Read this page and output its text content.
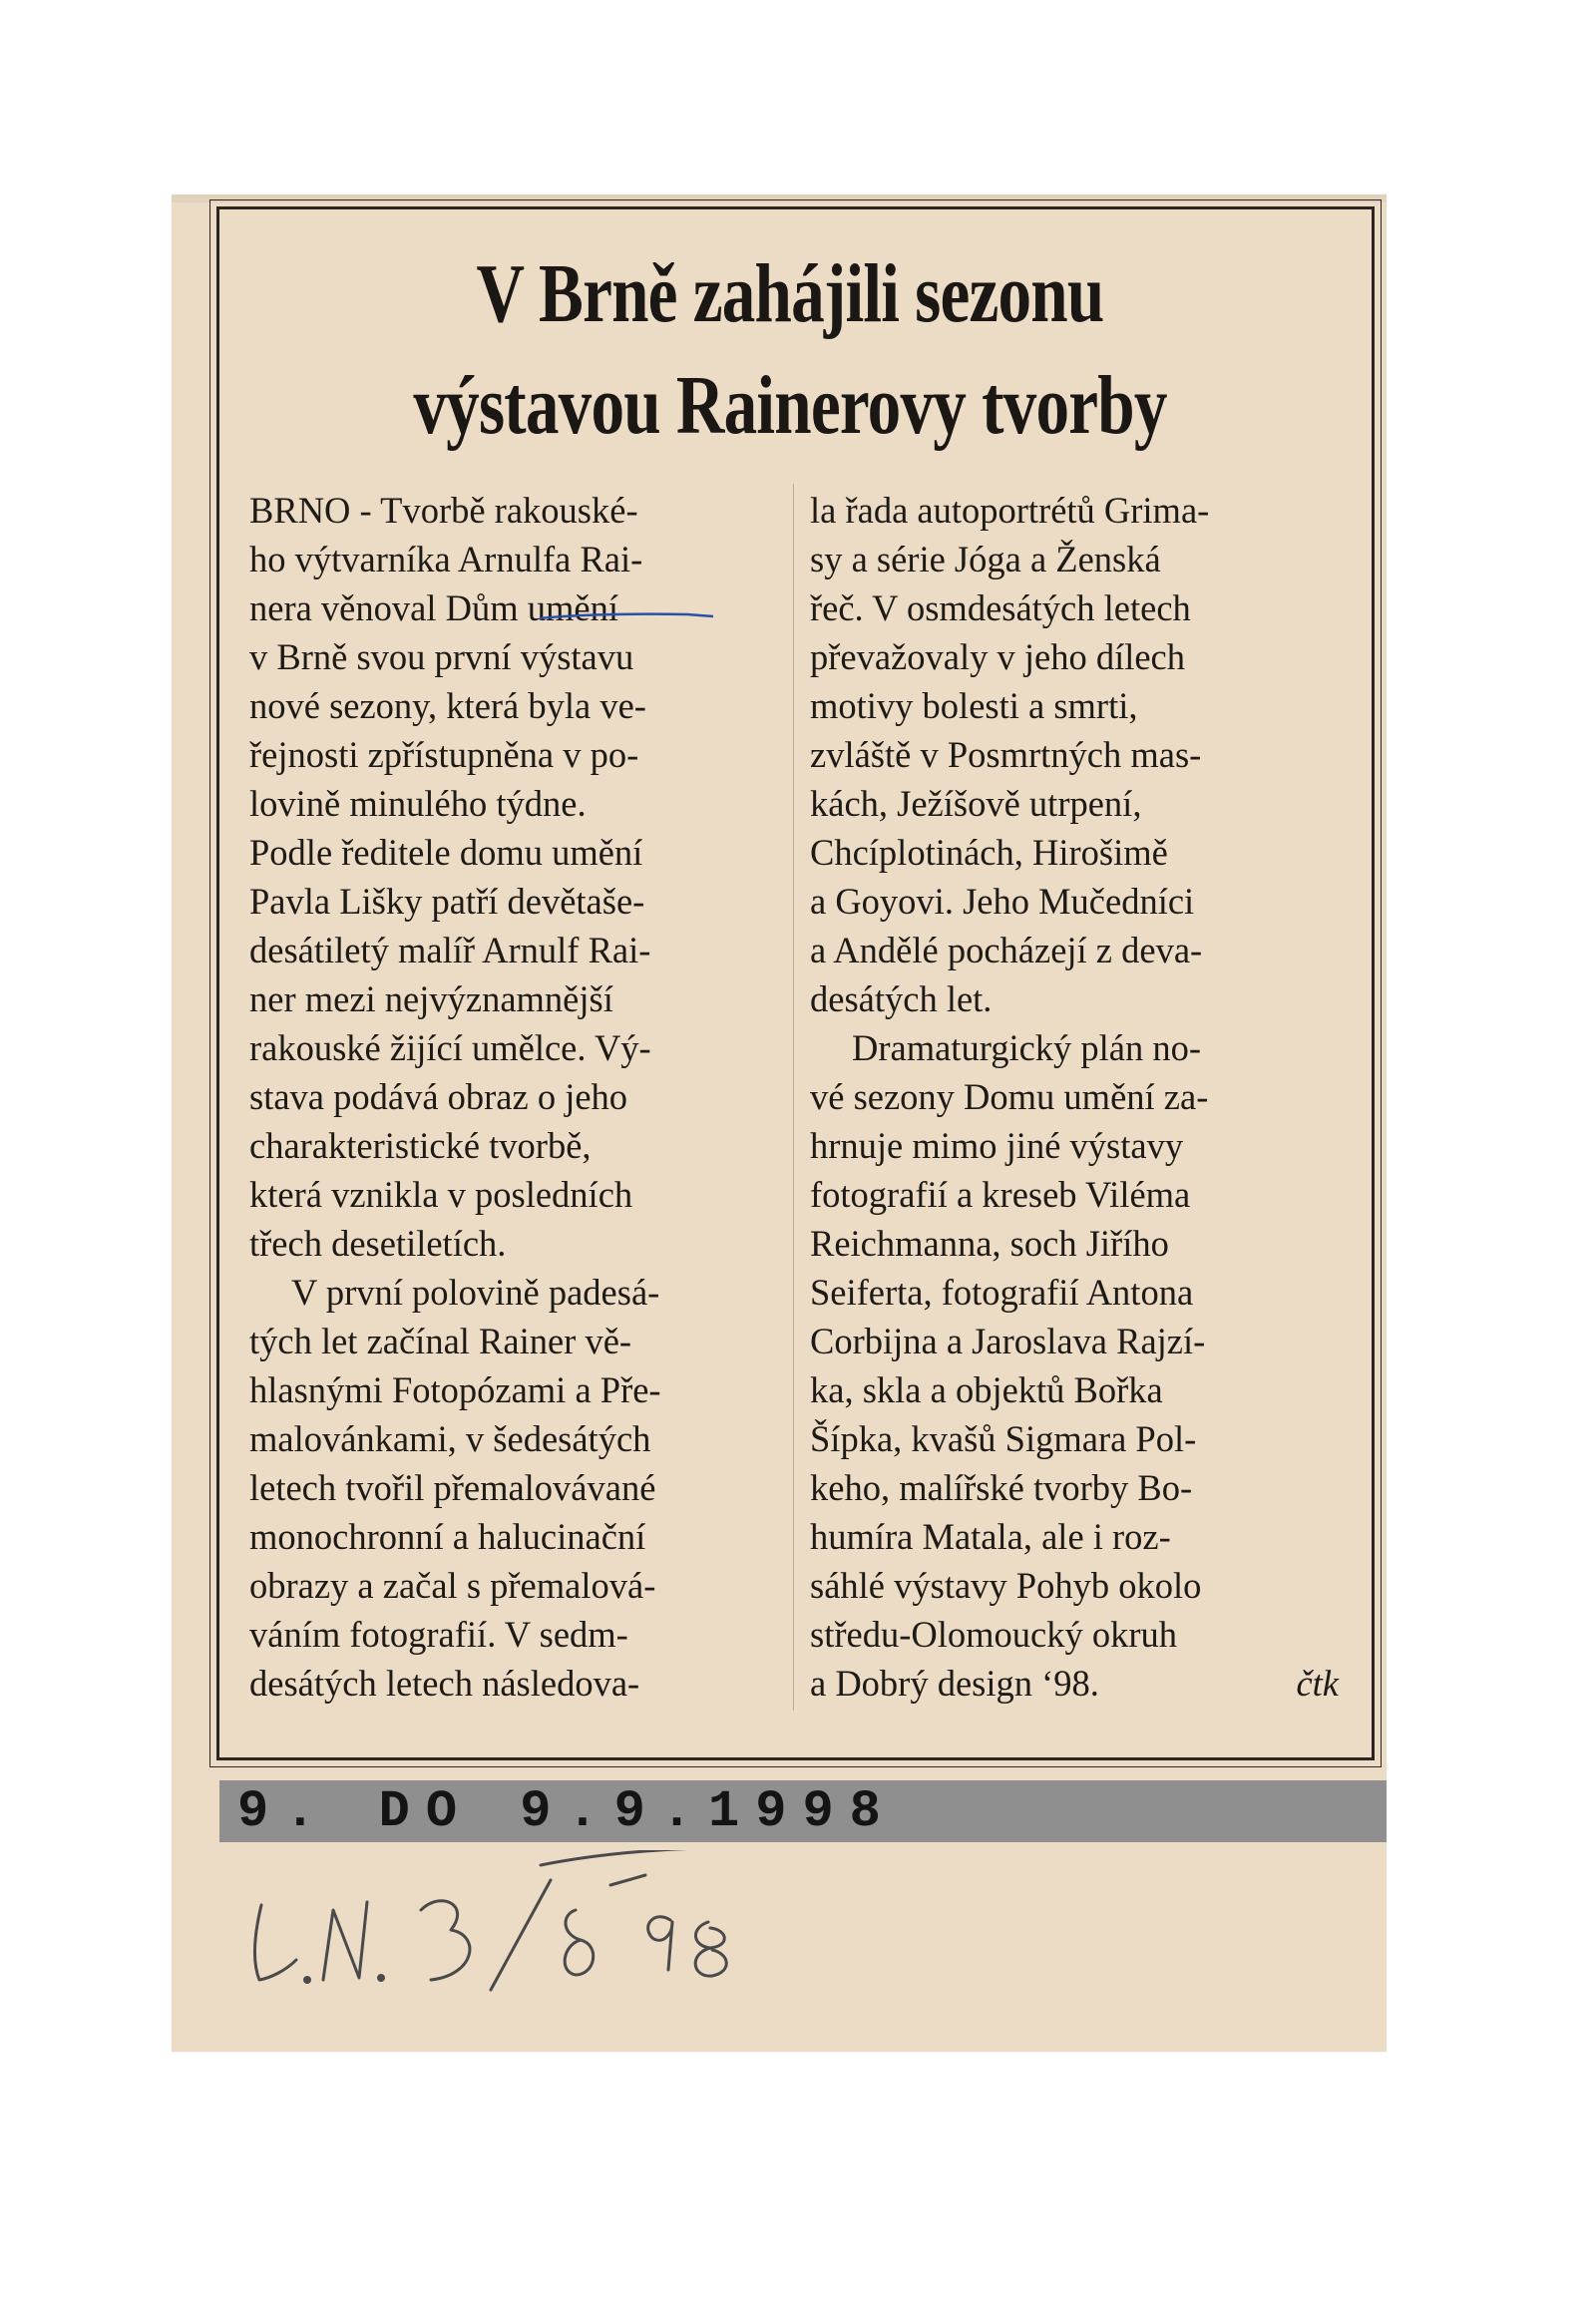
V Brně zahájili sezonu
výstavou Rainerovy tvorby

BRNO - Tvorbě rakouské-
ho výtvarníka Arnulfa Rai-
nera věnoval Dům umění
v Brně svou první výstavu
nové sezony, která byla ve-
řejnosti zpřístupněna v po-
lovině minulého týdne.
Podle ředitele domu umění
Pavla Lišky patří devětaše-
desátiletý malíř Arnulf Rai-
ner mezi nejvýznamnější
rakouské žijící umělce. Vý-
stava podává obraz o jeho
charakteristické tvorbě,
která vznikla v posledních
třech desetiletích.

V první polovině padesá-
tých let začínal Rainer vě-
hlasnými Fotopózami a Pře-
malovánkami, v šedesátých
letech tvořil přemalovávané
monochronní a halucinační
obrazy a začal s přemalová-
váním fotografií. V sedm-
desátých letech následova-

la řada autoportrétů Grima-
sy a série Jóga a Ženská
řeč. V osmdesátých letech
převažovaly v jeho dílech
motivy bolesti a smrti,
zvláště v Posmrtných mas-
kách, Ježíšově utrpení,
Chcíplotinách, Hirošimě
a Goyovi. Jeho Mučedníci
a Andělé pocházejí z deva-
desátých let.

Dramaturgický plán no-
vé sezony Domu umění za-
hrnuje mimo jiné výstavy
fotografií a kreseb Viléma
Reichmanna, soch Jiřího
Seiferta, fotografií Antona
Corbijna a Jaroslava Rajzí-
ka, skla a objektů Bořka
Šípka, kvašů Sigmara Pol-
keho, malířské tvorby Bo-
humíra Matala, ale i roz-
sáhlé výstavy Pohyb okolo
středu-Olomoucký okruh
a Dobrý design ‘98.	čtk

9. DO 9.9.1998
